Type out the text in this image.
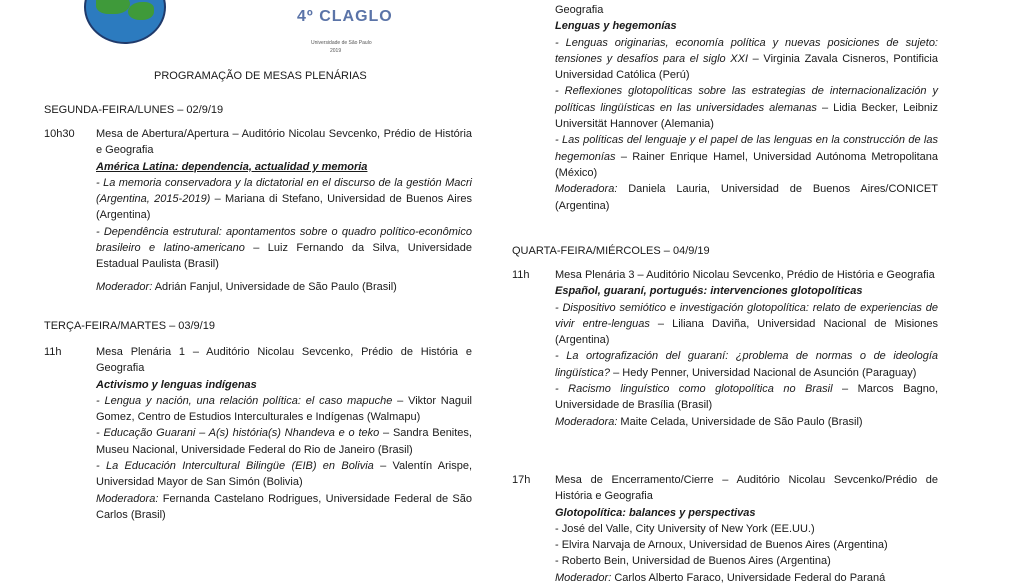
4º CLAGLO
Universidade de São Paulo
2019
PROGRAMAÇÃO DE MESAS PLENÁRIAS
SEGUNDA-FEIRA/LUNES – 02/9/19
10h30 Mesa de Abertura/Apertura – Auditório Nicolau Sevcenko, Prédio de História e Geografia
América Latina: dependencia, actualidad y memoria
- La memoria conservadora y la dictatorial en el discurso de la gestión Macri (Argentina, 2015-2019) – Mariana di Stefano, Universidad de Buenos Aires (Argentina)
- Dependência estrutural: apontamentos sobre o quadro político-econômico brasileiro e latino-americano – Luiz Fernando da Silva, Universidade Estadual Paulista (Brasil)
Moderador: Adrián Fanjul, Universidade de São Paulo (Brasil)
TERÇA-FEIRA/MARTES – 03/9/19
11h	Mesa Plenária 1 – Auditório Nicolau Sevcenko, Prédio de História e Geografia
Activismo y lenguas indígenas
- Lengua y nación, una relación política: el caso mapuche – Viktor Naguil Gomez, Centro de Estudios Interculturales e Indígenas (Walmapu)
- Educação Guarani – A(s) história(s) Nhandeva e o teko – Sandra Benites, Museu Nacional, Universidade Federal do Rio de Janeiro (Brasil)
- La Educación Intercultural Bilingüe (EIB) en Bolivia – Valentín Arispe, Universidad Mayor de San Simón (Bolivia)
Moderadora: Fernanda Castelano Rodrigues, Universidade Federal de São Carlos (Brasil)
Geografia
Lenguas y hegemonías
- Lenguas originarias, economía política y nuevas posiciones de sujeto: tensiones y desafíos para el siglo XXI – Virginia Zavala Cisneros, Pontificia Universidad Católica (Perú)
- Reflexiones glotopolíticas sobre las estrategias de internacionalización y políticas lingüísticas en las universidades alemanas – Lidia Becker, Leibniz Universität Hannover (Alemania)
- Las políticas del lenguaje y el papel de las lenguas en la construcción de las hegemonías – Rainer Enrique Hamel, Universidad Autónoma Metropolitana (México)
Moderadora: Daniela Lauria, Universidad de Buenos Aires/CONICET (Argentina)
QUARTA-FEIRA/MIÉRCOLES – 04/9/19
11h Mesa Plenária 3 – Auditório Nicolau Sevcenko, Prédio de História e Geografia
Español, guaraní, portugués: intervenciones glotopolíticas
- Dispositivo semiótico e investigación glotopolítica: relato de experiencias de vivir entre-lenguas – Liliana Daviña, Universidad Nacional de Misiones (Argentina)
- La ortografización del guaraní: ¿problema de normas o de ideología lingüística? – Hedy Penner, Universidad Nacional de Asunción (Paraguay)
- Racismo linguístico como glotopolítica no Brasil – Marcos Bagno, Universidade de Brasília (Brasil)
Moderadora: Maite Celada, Universidade de São Paulo (Brasil)
17h Mesa de Encerramento/Cierre – Auditório Nicolau Sevcenko/Prédio de História e Geografia
Glotopolítica: balances y perspectivas
- José del Valle, City University of New York (EE.UU.)
- Elvira Narvaja de Arnoux, Universidad de Buenos Aires (Argentina)
- Roberto Bein, Universidad de Buenos Aires (Argentina)
Moderador: Carlos Alberto Faraco, Universidade Federal do Paraná
